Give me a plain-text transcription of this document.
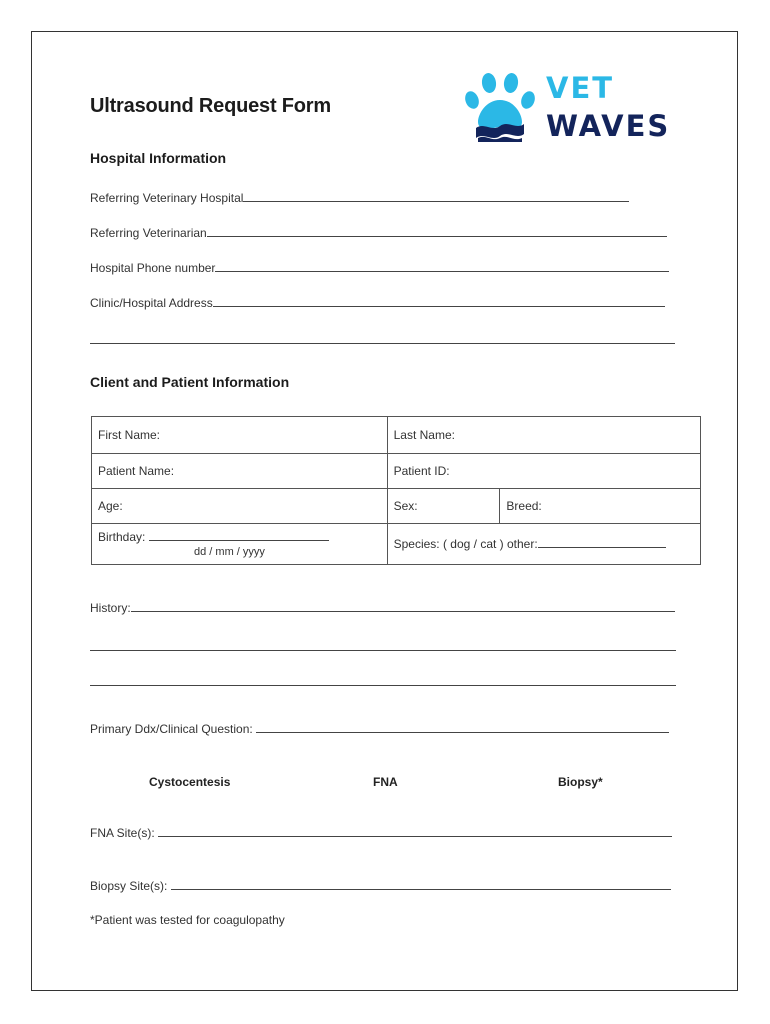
Ultrasound Request Form
VET
WAVES
Hospital Information
Referring Veterinary Hospital
Referring Veterinarian
Hospital Phone number
Clinic/Hospital Address
Client and Patient Information
First Name:	Last Name:	
Patient Name:	Patient ID:	
Age:	Sex:	Breed:

Birthday:
dd / mm / yyyy	Species: ( dog / cat ) other:	
History:
Primary Ddx/Clinical Question:
Cystocentesis	FNA	Biopsy*
FNA Site(s):
Biopsy Site(s):
*Patient was tested for coagulopathy
